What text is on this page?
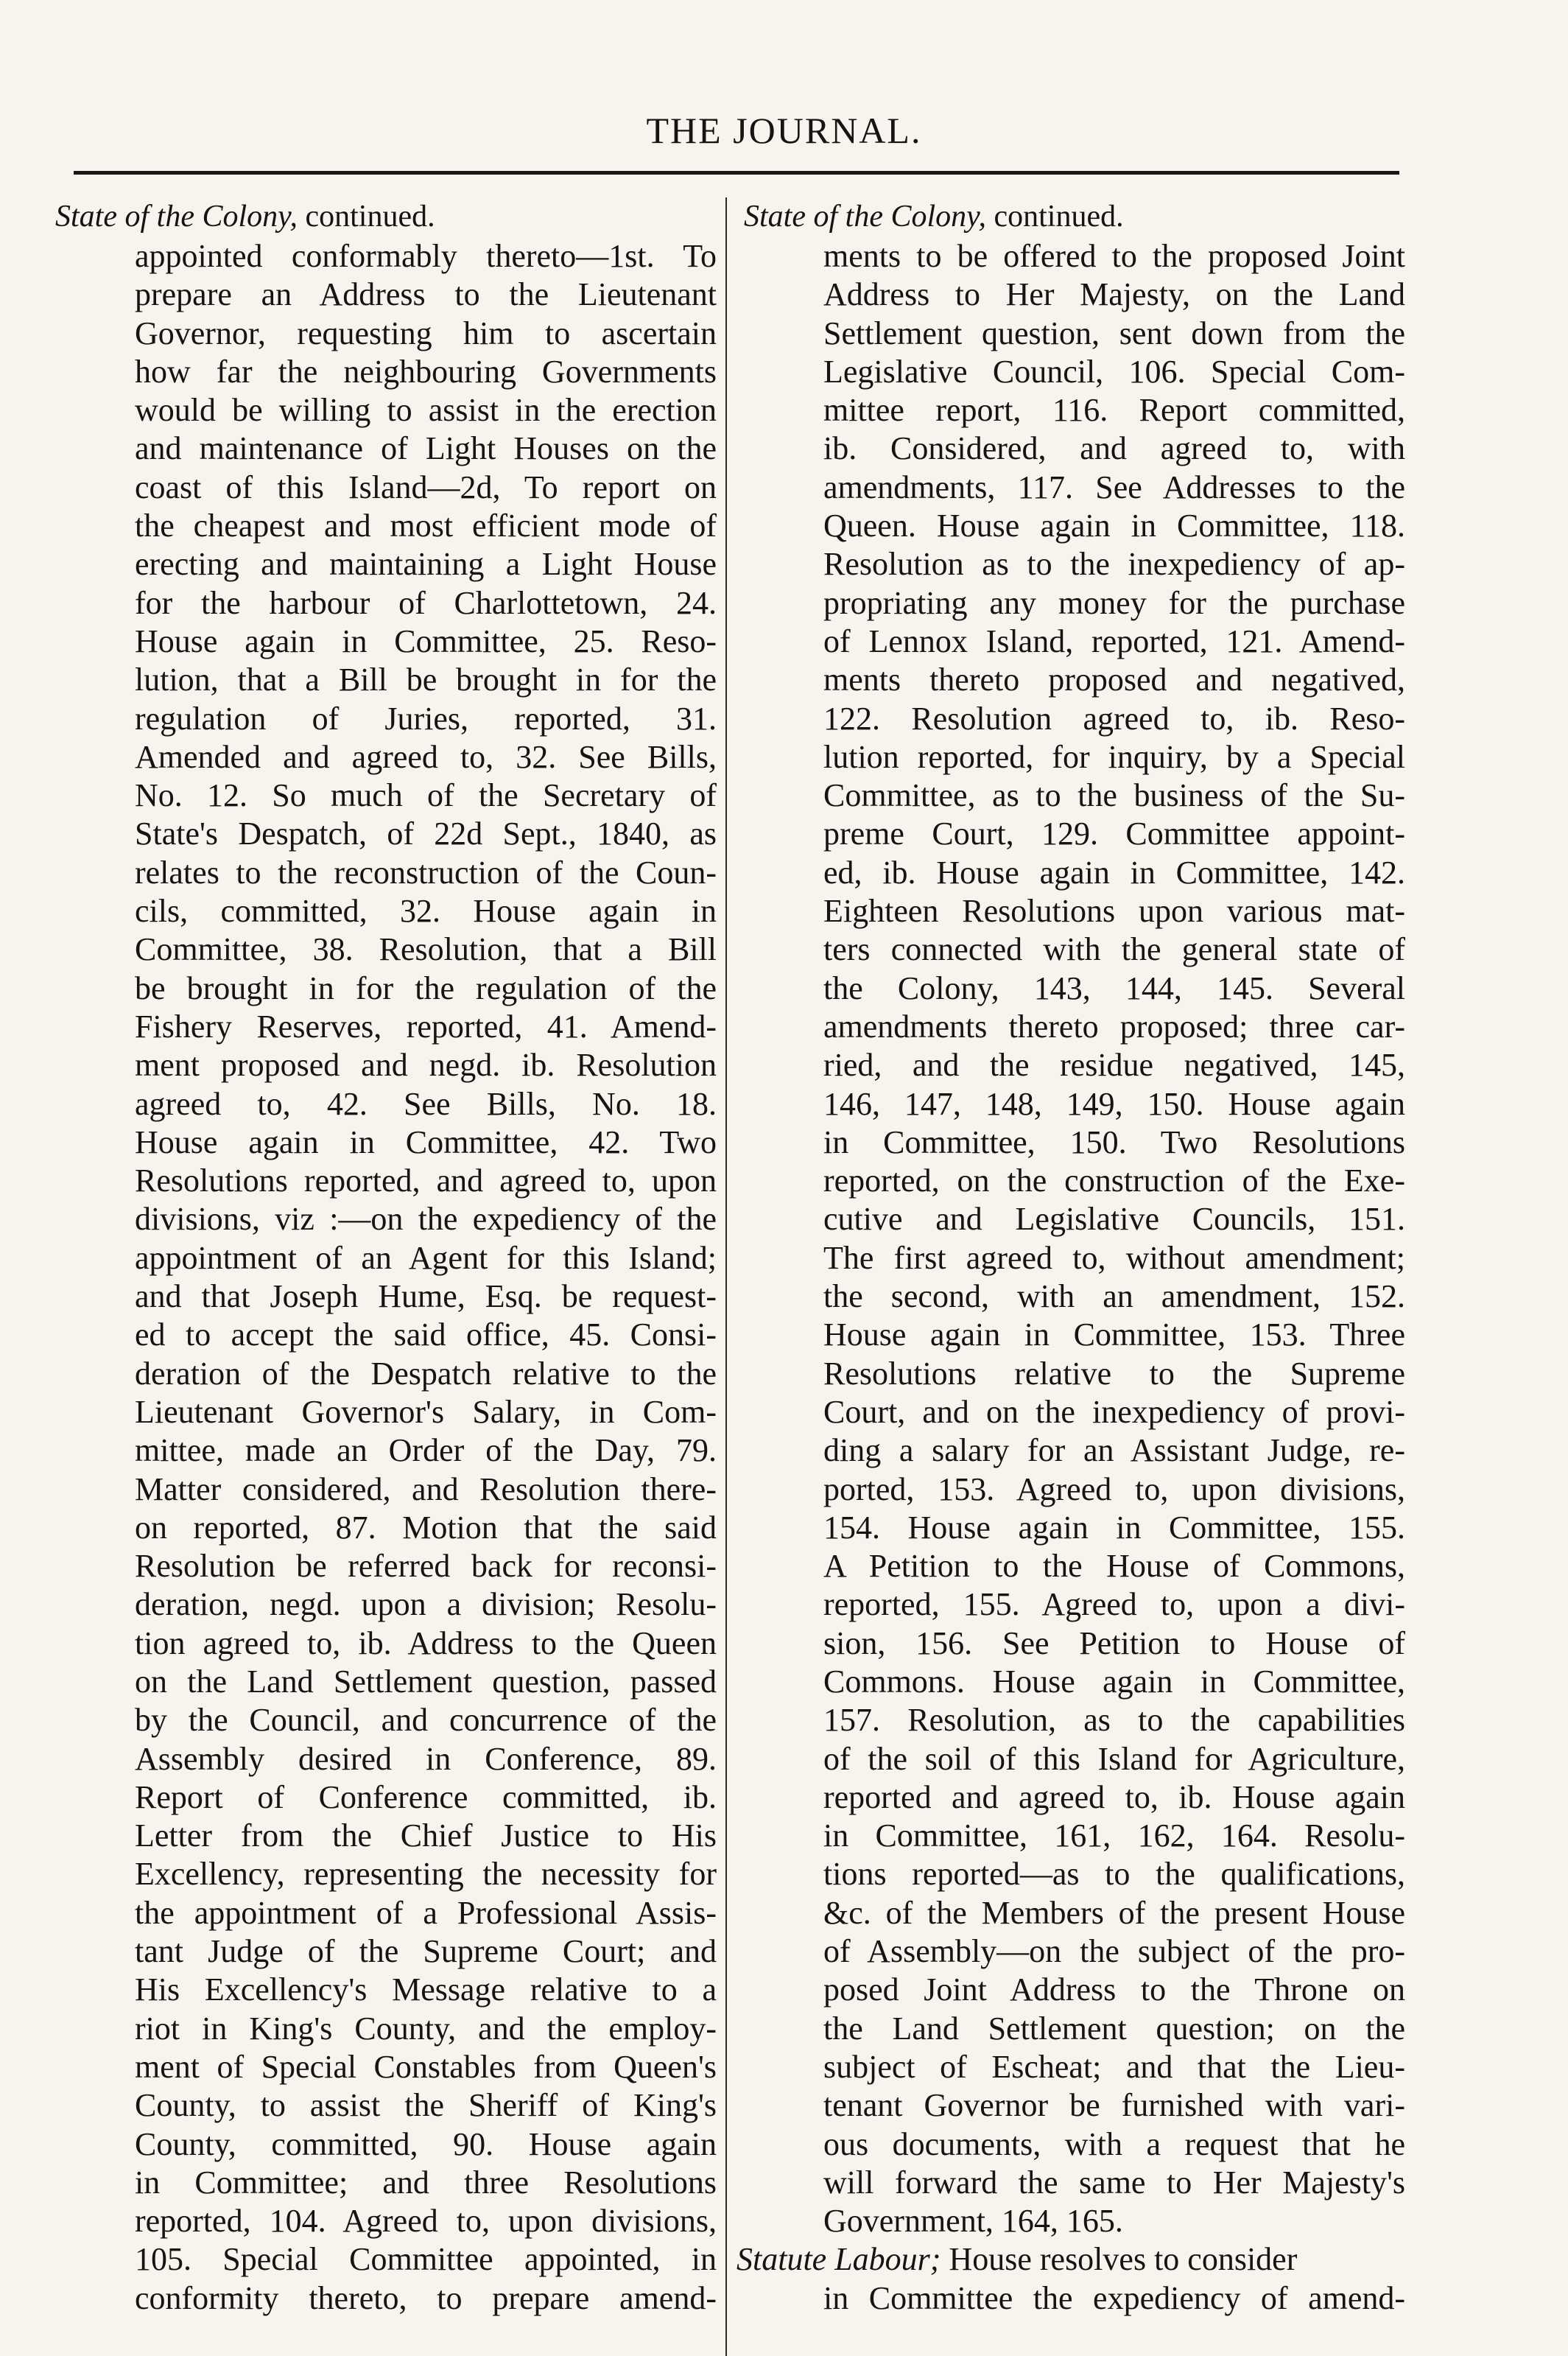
THE JOURNAL.
State of the Colony, continued.
appointed conformably thereto—1st. To
prepare an Address to the Lieutenant
Governor, requesting him to ascertain
how far the neighbouring Governments
would be willing to assist in the erection
and maintenance of Light Houses on the
coast of this Island—2d, To report on
the cheapest and most efficient mode of
erecting and maintaining a Light House
for the harbour of Charlottetown, 24.
House again in Committee, 25. Reso-
lution, that a Bill be brought in for the
regulation of Juries, reported, 31.
Amended and agreed to, 32. See Bills,
No. 12. So much of the Secretary of
State's Despatch, of 22d Sept., 1840, as
relates to the reconstruction of the Coun-
cils, committed, 32. House again in
Committee, 38. Resolution, that a Bill
be brought in for the regulation of the
Fishery Reserves, reported, 41. Amend-
ment proposed and negd. ib. Resolution
agreed to, 42. See Bills, No. 18.
House again in Committee, 42. Two
Resolutions reported, and agreed to, upon
divisions, viz :—on the expediency of the
appointment of an Agent for this Island;
and that Joseph Hume, Esq. be request-
ed to accept the said office, 45. Consi-
deration of the Despatch relative to the
Lieutenant Governor's Salary, in Com-
mittee, made an Order of the Day, 79.
Matter considered, and Resolution there-
on reported, 87. Motion that the said
Resolution be referred back for reconsi-
deration, negd. upon a division; Resolu-
tion agreed to, ib. Address to the Queen
on the Land Settlement question, passed
by the Council, and concurrence of the
Assembly desired in Conference, 89.
Report of Conference committed, ib.
Letter from the Chief Justice to His
Excellency, representing the necessity for
the appointment of a Professional Assis-
tant Judge of the Supreme Court; and
His Excellency's Message relative to a
riot in King's County, and the employ-
ment of Special Constables from Queen's
County, to assist the Sheriff of King's
County, committed, 90. House again
in Committee; and three Resolutions
reported, 104. Agreed to, upon divisions,
105. Special Committee appointed, in
conformity thereto, to prepare amend-
State of the Colony, continued.
ments to be offered to the proposed Joint
Address to Her Majesty, on the Land
Settlement question, sent down from the
Legislative Council, 106. Special Com-
mittee report, 116. Report committed,
ib. Considered, and agreed to, with
amendments, 117. See Addresses to the
Queen. House again in Committee, 118.
Resolution as to the inexpediency of ap-
propriating any money for the purchase
of Lennox Island, reported, 121. Amend-
ments thereto proposed and negatived,
122. Resolution agreed to, ib. Reso-
lution reported, for inquiry, by a Special
Committee, as to the business of the Su-
preme Court, 129. Committee appoint-
ed, ib. House again in Committee, 142.
Eighteen Resolutions upon various mat-
ters connected with the general state of
the Colony, 143, 144, 145. Several
amendments thereto proposed; three car-
ried, and the residue negatived, 145,
146, 147, 148, 149, 150. House again
in Committee, 150. Two Resolutions
reported, on the construction of the Exe-
cutive and Legislative Councils, 151.
The first agreed to, without amendment;
the second, with an amendment, 152.
House again in Committee, 153. Three
Resolutions relative to the Supreme
Court, and on the inexpediency of provi-
ding a salary for an Assistant Judge, re-
ported, 153. Agreed to, upon divisions,
154. House again in Committee, 155.
A Petition to the House of Commons,
reported, 155. Agreed to, upon a divi-
sion, 156. See Petition to House of
Commons. House again in Committee,
157. Resolution, as to the capabilities
of the soil of this Island for Agriculture,
reported and agreed to, ib. House again
in Committee, 161, 162, 164. Resolu-
tions reported—as to the qualifications,
&c. of the Members of the present House
of Assembly—on the subject of the pro-
posed Joint Address to the Throne on
the Land Settlement question; on the
subject of Escheat; and that the Lieu-
tenant Governor be furnished with vari-
ous documents, with a request that he
will forward the same to Her Majesty's
Government, 164, 165.
Statute Labour; House resolves to consider
in Committee the expediency of amend-
